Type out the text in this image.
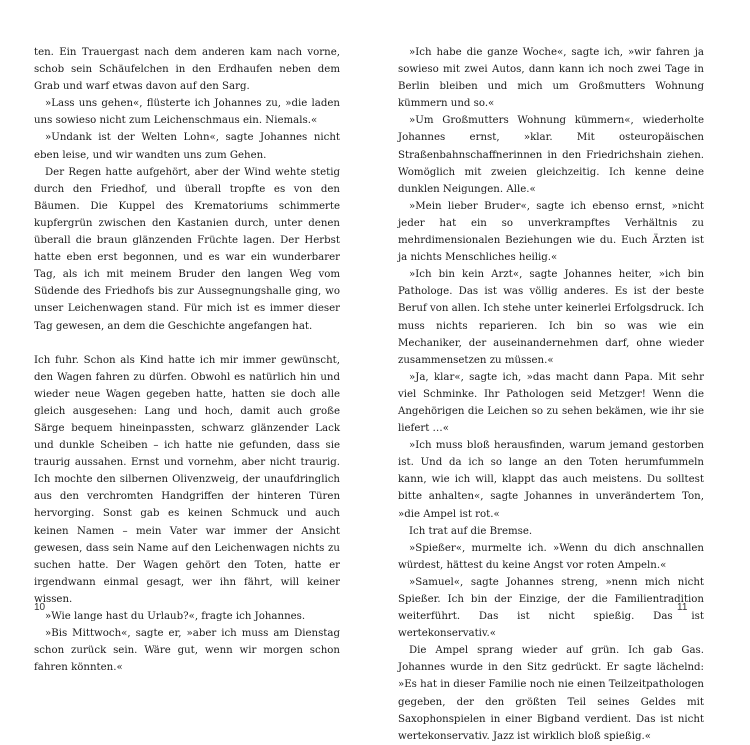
ten. Ein Trauergast nach dem anderen kam nach vorne, schob sein Schäufelchen in den Erdhaufen neben dem Grab und warf etwas davon auf den Sarg.

»Lass uns gehen«, flüsterte ich Johannes zu, »die laden uns sowieso nicht zum Leichenschmaus ein. Niemals.«

»Undank ist der Welten Lohn«, sagte Johannes nicht eben leise, und wir wandten uns zum Gehen.

Der Regen hatte aufgehört, aber der Wind wehte stetig durch den Friedhof, und überall tropfte es von den Bäumen. Die Kuppel des Krematoriums schimmerte kupfergrün zwischen den Kastanien durch, unter denen überall die braun glänzenden Früchte lagen. Der Herbst hatte eben erst begonnen, und es war ein wunderbarer Tag, als ich mit meinem Bruder den langen Weg vom Südende des Friedhofs bis zur Aussegnungshalle ging, wo unser Leichenwagen stand. Für mich ist es immer dieser Tag gewesen, an dem die Geschichte angefangen hat.

Ich fuhr. Schon als Kind hatte ich mir immer gewünscht, den Wagen fahren zu dürfen. Obwohl es natürlich hin und wieder neue Wagen gegeben hatte, hatten sie doch alle gleich ausgesehen: Lang und hoch, damit auch große Särge bequem hineinpassten, schwarz glänzender Lack und dunkle Scheiben – ich hatte nie gefunden, dass sie traurig aussahen. Ernst und vornehm, aber nicht traurig. Ich mochte den silbernen Olivenzweig, der unaufdringlich aus den verchromten Handgriffen der hinteren Türen hervorging. Sonst gab es keinen Schmuck und auch keinen Namen – mein Vater war immer der Ansicht gewesen, dass sein Name auf den Leichenwagen nichts zu suchen hatte. Der Wagen gehört den Toten, hatte er irgendwann einmal gesagt, wer ihn fährt, will keiner wissen.

»Wie lange hast du Urlaub?«, fragte ich Johannes.

»Bis Mittwoch«, sagte er, »aber ich muss am Dienstag schon zurück sein. Wäre gut, wenn wir morgen schon fahren könnten.«

10

»Ich habe die ganze Woche«, sagte ich, »wir fahren ja sowieso mit zwei Autos, dann kann ich noch zwei Tage in Berlin bleiben und mich um Großmutters Wohnung kümmern und so.«

»Um Großmutters Wohnung kümmern«, wiederholte Johannes ernst, »klar. Mit osteuropäischen Straßenbahnschaffnerinnen in den Friedrichshain ziehen. Womöglich mit zweien gleichzeitig. Ich kenne deine dunklen Neigungen. Alle.«

»Mein lieber Bruder«, sagte ich ebenso ernst, »nicht jeder hat ein so unverkrampftes Verhältnis zu mehrdimensionalen Beziehungen wie du. Euch Ärzten ist ja nichts Menschliches heilig.«

»Ich bin kein Arzt«, sagte Johannes heiter, »ich bin Pathologe. Das ist was völlig anderes. Es ist der beste Beruf von allen. Ich stehe unter keinerlei Erfolgsdruck. Ich muss nichts reparieren. Ich bin so was wie ein Mechaniker, der auseinandernehmen darf, ohne wieder zusammensetzen zu müssen.«

»Ja, klar«, sagte ich, »das macht dann Papa. Mit sehr viel Schminke. Ihr Pathologen seid Metzger! Wenn die Angehörigen die Leichen so zu sehen bekämen, wie ihr sie liefert …«

»Ich muss bloß herausfinden, warum jemand gestorben ist. Und da ich so lange an den Toten herumfummeln kann, wie ich will, klappt das auch meistens. Du solltest bitte anhalten«, sagte Johannes in unverändertem Ton, »die Ampel ist rot.«

Ich trat auf die Bremse.

»Spießer«, murmelte ich. »Wenn du dich anschnallen würdest, hättest du keine Angst vor roten Ampeln.«

»Samuel«, sagte Johannes streng, »nenn mich nicht Spießer. Ich bin der Einzige, der die Familientradition weiterführt. Das ist nicht spießig. Das ist wertekonservativ.«

Die Ampel sprang wieder auf grün. Ich gab Gas. Johannes wurde in den Sitz gedrückt. Er sagte lächelnd: »Es hat in dieser Familie noch nie einen Teilzeitpathologen gegeben, der den größten Teil seines Geldes mit Saxophonspielen in einer Bigband verdient. Das ist nicht wertekonservativ. Jazz ist wirklich bloß spießig.«

11
